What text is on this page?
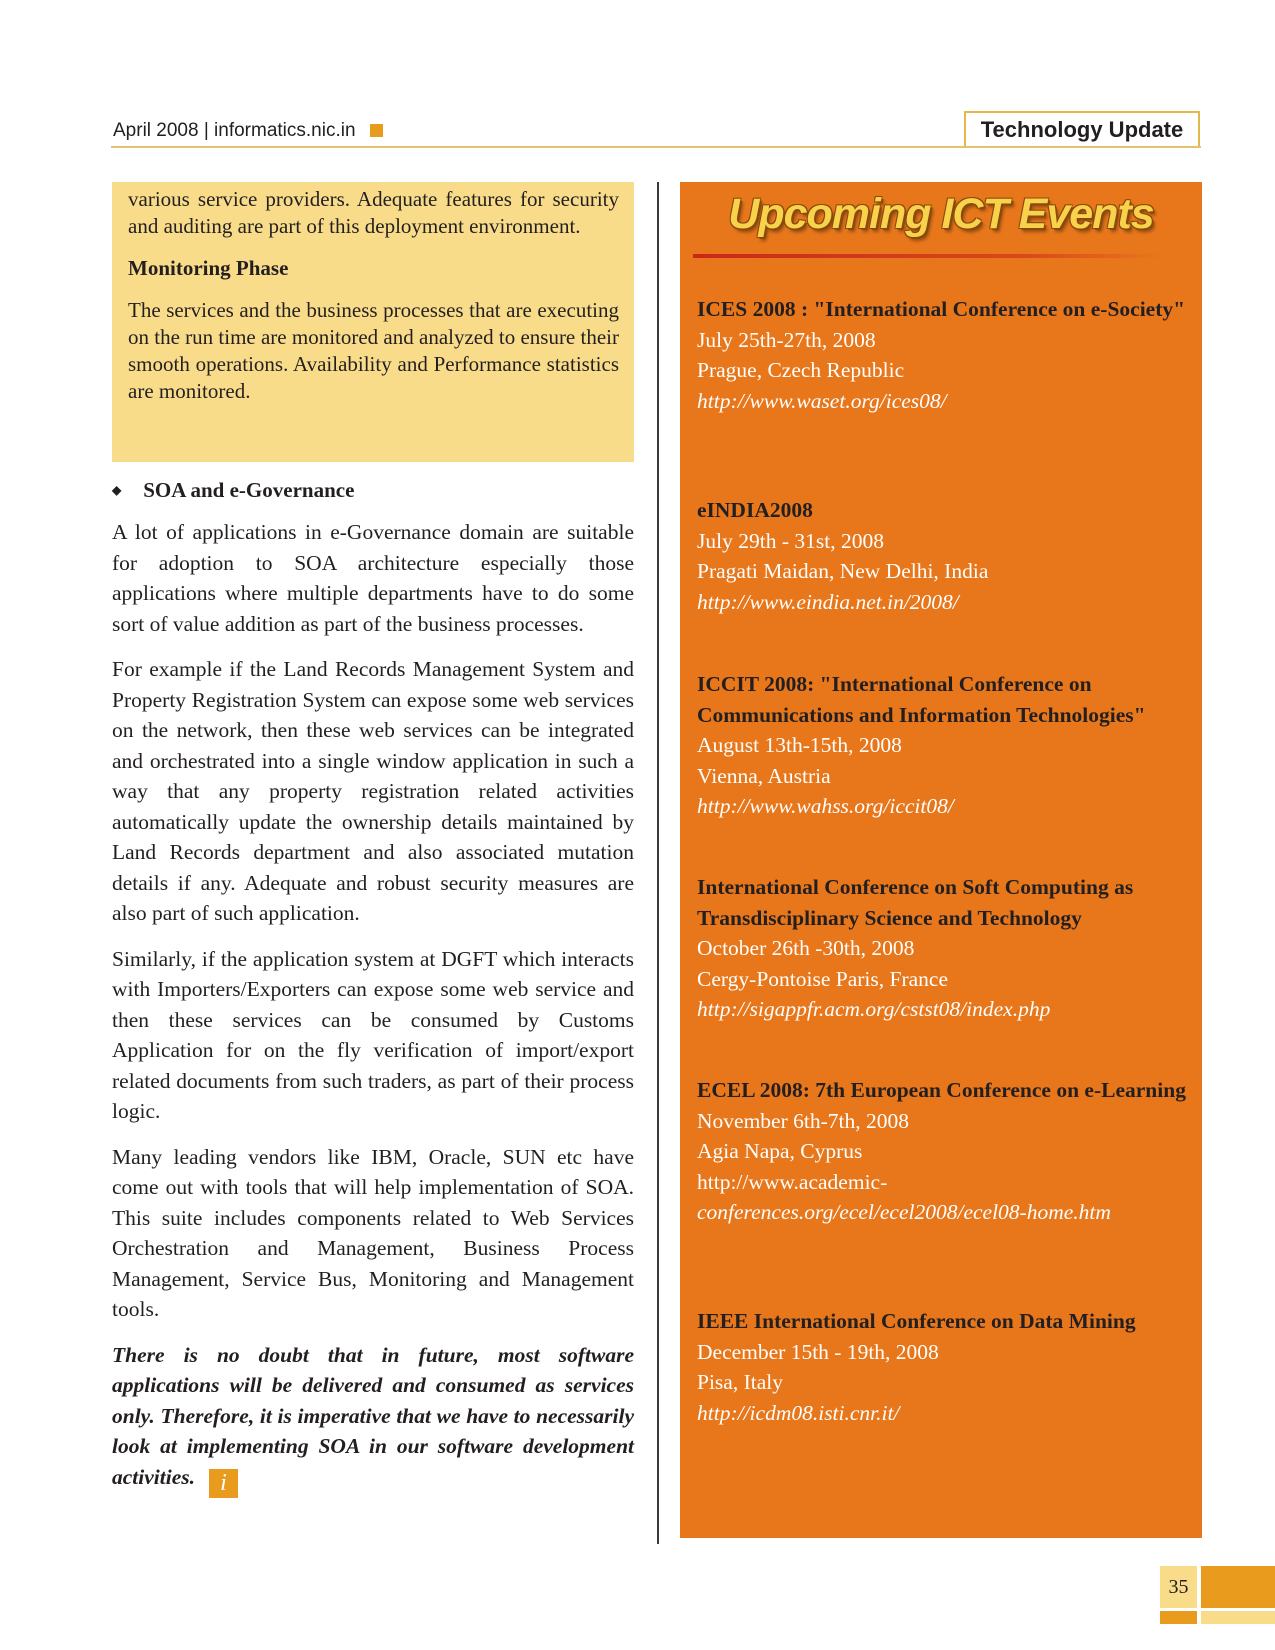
April 2008 | informatics.nic.in	Technology Update

various service providers. Adequate features for security and auditing are part of this deployment environment.

Monitoring Phase

The services and the business processes that are executing on the run time are monitored and analyzed to ensure their smooth operations. Availability and Performance statistics are monitored.

◆ SOA and e-Governance

A lot of applications in e-Governance domain are suitable for adoption to SOA architecture especially those applications where multiple departments have to do some sort of value addition as part of the business processes.

For example if the Land Records Management System and Property Registration System can expose some web services on the network, then these web services can be integrated and orchestrated into a single window application in such a way that any property registration related activities automatically update the ownership details maintained by Land Records department and also associated mutation details if any. Adequate and robust security measures are also part of such application.

Similarly, if the application system at DGFT which interacts with Importers/Exporters can expose some web service and then these services can be consumed by Customs Application for on the fly verification of import/export related documents from such traders, as part of their process logic.

Many leading vendors like IBM, Oracle, SUN etc have come out with tools that will help implementation of SOA. This suite includes components related to Web Services Orchestration and Management, Business Process Management, Service Bus, Monitoring and Management tools.

There is no doubt that in future, most software applications will be delivered and consumed as services only. Therefore, it is imperative that we have to necessarily look at implementing SOA in our software development activities. i

Upcoming ICT Events
ICES 2008 : "International Conference on e-Society"
July 25th-27th, 2008
Prague, Czech Republic
http://www.waset.org/ices08/
eINDIA2008
July 29th - 31st, 2008
Pragati Maidan, New Delhi, India
http://www.eindia.net.in/2008/
ICCIT 2008: "International Conference on Communications and Information Technologies"
August 13th-15th, 2008
Vienna, Austria
http://www.wahss.org/iccit08/
International Conference on Soft Computing as Transdisciplinary Science and Technology
October 26th -30th, 2008
Cergy-Pontoise Paris, France
http://sigappfr.acm.org/cstst08/index.php
ECEL 2008: 7th European Conference on e-Learning
November 6th-7th, 2008
Agia Napa, Cyprus
http://www.academic-
conferences.org/ecel/ecel2008/ecel08-home.htm
IEEE International Conference on Data Mining
December 15th - 19th, 2008
Pisa, Italy
http://icdm08.isti.cnr.it/
35
